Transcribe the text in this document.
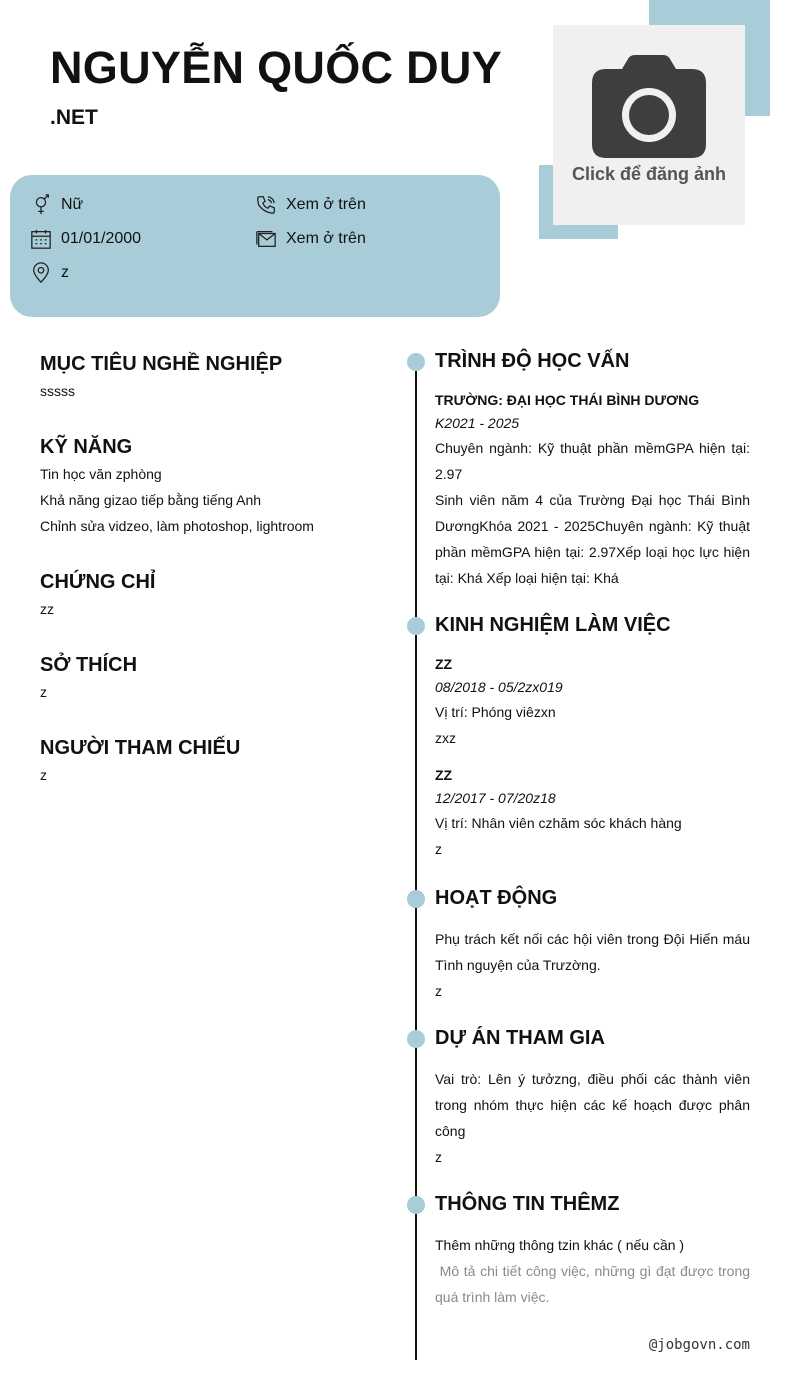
NGUYỄN QUỐC DUY
.NET
Click để đăng ảnh
Nữ
01/01/2000
z
Xem ở trên
Xem ở trên
MỤC TIÊU NGHỀ NGHIỆP
sssss
KỸ NĂNG
Tin học văn zphòng
Khả năng gizao tiếp bằng tiếng Anh
Chỉnh sửa vidzeo, làm photoshop, lightroom
CHỨNG CHỈ
zz
SỞ THÍCH
z
NGƯỜI THAM CHIẾU
z
TRÌNH ĐỘ HỌC VẤN
TRƯỜNG: ĐẠI HỌC THÁI BÌNH DƯƠNG
K2021 - 2025
Chuyên ngành: Kỹ thuật phần mềmGPA hiện tại: 2.97
Sinh viên năm 4 của Trường Đại học Thái Bình DươngKhóa 2021 - 2025Chuyên ngành: Kỹ thuật phần mềmGPA hiện tại: 2.97Xếp loại học lực hiện tại: Khá Xếp loại hiện tại: Khá
KINH NGHIỆM LÀM VIỆC
ZZ
08/2018 - 05/2zx019
Vị trí: Phóng viêzxn
zxz
ZZ
12/2017 - 07/20z18
Vị trí: Nhân viên czhăm sóc khách hàng
z
HOẠT ĐỘNG
Phụ trách kết nối các hội viên trong Đội Hiến máu Tình nguyện của Trưzờng.
z
DỰ ÁN THAM GIA
Vai trò: Lên ý tưởzng, điều phối các thành viên trong nhóm thực hiện các kế hoạch được phân công
z
THÔNG TIN THÊMZ
Thêm những thông tzin khác ( nếu cần )
Mô tả chi tiết công việc, những gì đạt được trong quá trình làm việc.
@jobgovn.com
